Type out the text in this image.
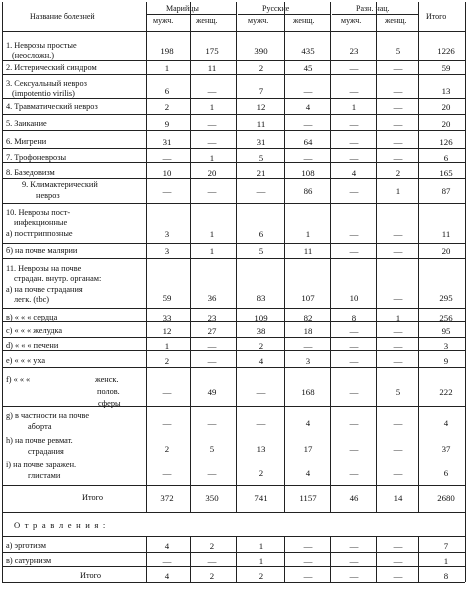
Название болезней
Марийцы	Русские	Разн. нац.
мужч.	женщ.	мужч.	женщ.	мужч.	женщ. Итого
1. Неврозы простые
(неосложн.)	198	175	390	435	23	5	1226
2. Истерический синдром	1	11	2	45	—	—	59
3. Сексуальный невроз
(impotentio virilis)	6	—	7	—	—	—	13
4. Травматический невроз	2	1	12	4	1	—	20
5. Заикание	9	—	11	—	—	—	20
6. Мигрени	31	—	31	64	—	—	126
7. Трофоневрозы	—	1	5	—	—	—	6
8. Базедовизм	10	20	21	108	4	2	165
9. Климактерический
невроз	—	—	—	86	—	1	87
10. Неврозы пост-
инфекционные
а) постгриппозные	3	1	6	1	—	—	11
б) на почве малярии	3	1	5	11	—	—	20
11. Неврозы на почве
страдан. внутр. органам:
а) на почве страдания
легк. (tbc)	59	36	83	107	10	—	295
в) « « « сердца	33	23	109	82	8	1	256
c) « « « желудка	12	27	38	18	—	—	95
d) « « « печени	1	—	2	—	—	—	3
e) « « « уха	2	—	4	3	—	—	9
f) « « «	женск.
полов.
сферы
—	49	—	168	—	5	222
g) в частности на почве
аборта	—	—	—	4	—	—	4
h) на почве ревмат.
страдания	2	5	13	17	—	—	37
i) на почве заражен.
глистами	—	—	2	4	—	—	6
Итого	372	350	741	1157	46	14	2680
а) эрготизм	4	2	1	—	—	—	7
в) сатурнизм	—	—	1	—	—	—	1
Итого	4	2	2	—	—	—	8
О т р а в л е н и я :
